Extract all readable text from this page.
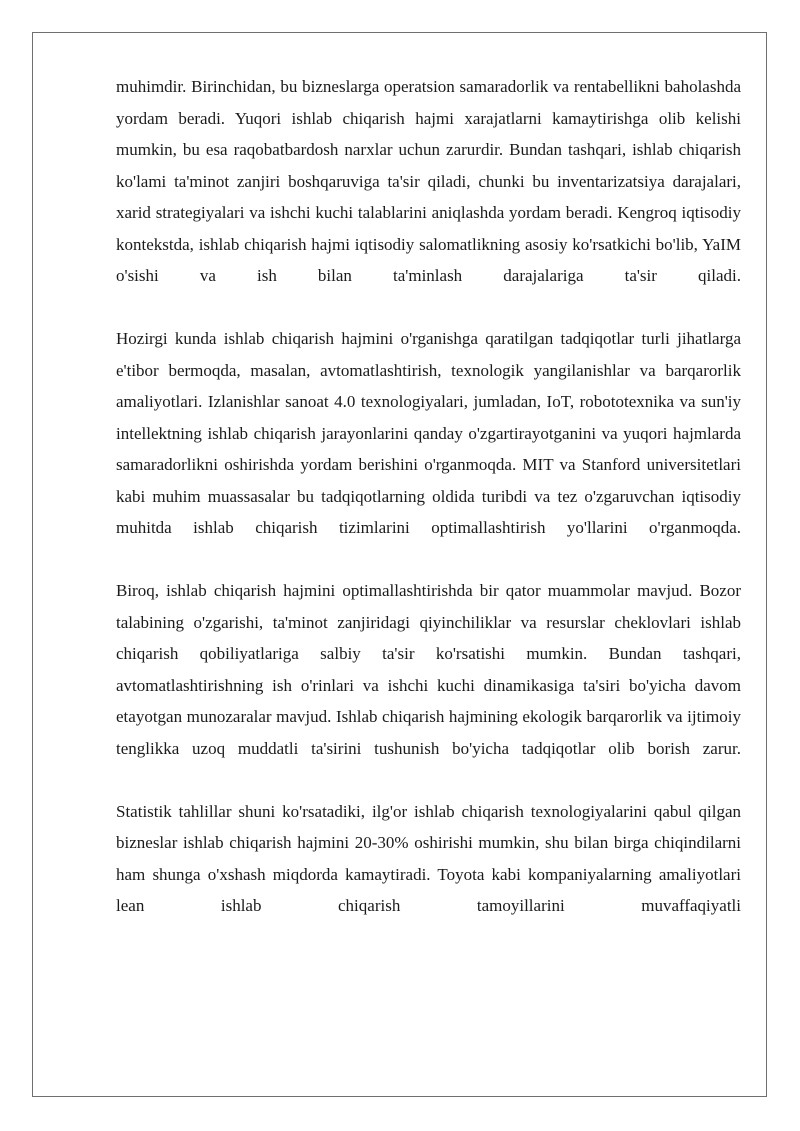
muhimdir. Birinchidan, bu bizneslarga operatsion samaradorlik va rentabellikni baholashda yordam beradi. Yuqori ishlab chiqarish hajmi xarajatlarni kamaytirishga olib kelishi mumkin, bu esa raqobatbardosh narxlar uchun zarurdir. Bundan tashqari, ishlab chiqarish ko'lami ta'minot zanjiri boshqaruviga ta'sir qiladi, chunki bu inventarizatsiya darajalari, xarid strategiyalari va ishchi kuchi talablarini aniqlashda yordam beradi. Kengroq iqtisodiy kontekstda, ishlab chiqarish hajmi iqtisodiy salomatlikning asosiy ko'rsatkichi bo'lib, YaIM o'sishi va ish bilan ta'minlash darajalariga ta'sir qiladi.

Hozirgi kunda ishlab chiqarish hajmini o'rganishga qaratilgan tadqiqotlar turli jihatlarga e'tibor bermoqda, masalan, avtomatlashtirish, texnologik yangilanishlar va barqarorlik amaliyotlari. Izlanishlar sanoat 4.0 texnologiyalari, jumladan, IoT, robototexnika va sun'iy intellektning ishlab chiqarish jarayonlarini qanday o'zgartirayotganini va yuqori hajmlarda samaradorlikni oshirishda yordam berishini o'rganmoqda. MIT va Stanford universitetlari kabi muhim muassasalar bu tadqiqotlarning oldida turibdi va tez o'zgaruvchan iqtisodiy muhitda ishlab chiqarish tizimlarini optimallashtirish yo'llarini o'rganmoqda.

Biroq, ishlab chiqarish hajmini optimallashtirishda bir qator muammolar mavjud. Bozor talabining o'zgarishi, ta'minot zanjiridagi qiyinchiliklar va resurslar cheklovlari ishlab chiqarish qobiliyatlariga salbiy ta'sir ko'rsatishi mumkin. Bundan tashqari, avtomatlashtirishning ish o'rinlari va ishchi kuchi dinamikasiga ta'siri bo'yicha davom etayotgan munozaralar mavjud. Ishlab chiqarish hajmining ekologik barqarorlik va ijtimoiy tenglikka uzoq muddatli ta'sirini tushunish bo'yicha tadqiqotlar olib borish zarur.

Statistik tahlillar shuni ko'rsatadiki, ilg'or ishlab chiqarish texnologiyalarini qabul qilgan bizneslar ishlab chiqarish hajmini 20-30% oshirishi mumkin, shu bilan birga chiqindilarni ham shunga o'xshash miqdorda kamaytiradi. Toyota kabi kompaniyalarning amaliyotlari lean ishlab chiqarish tamoyillarini muvaffaqiyatli
